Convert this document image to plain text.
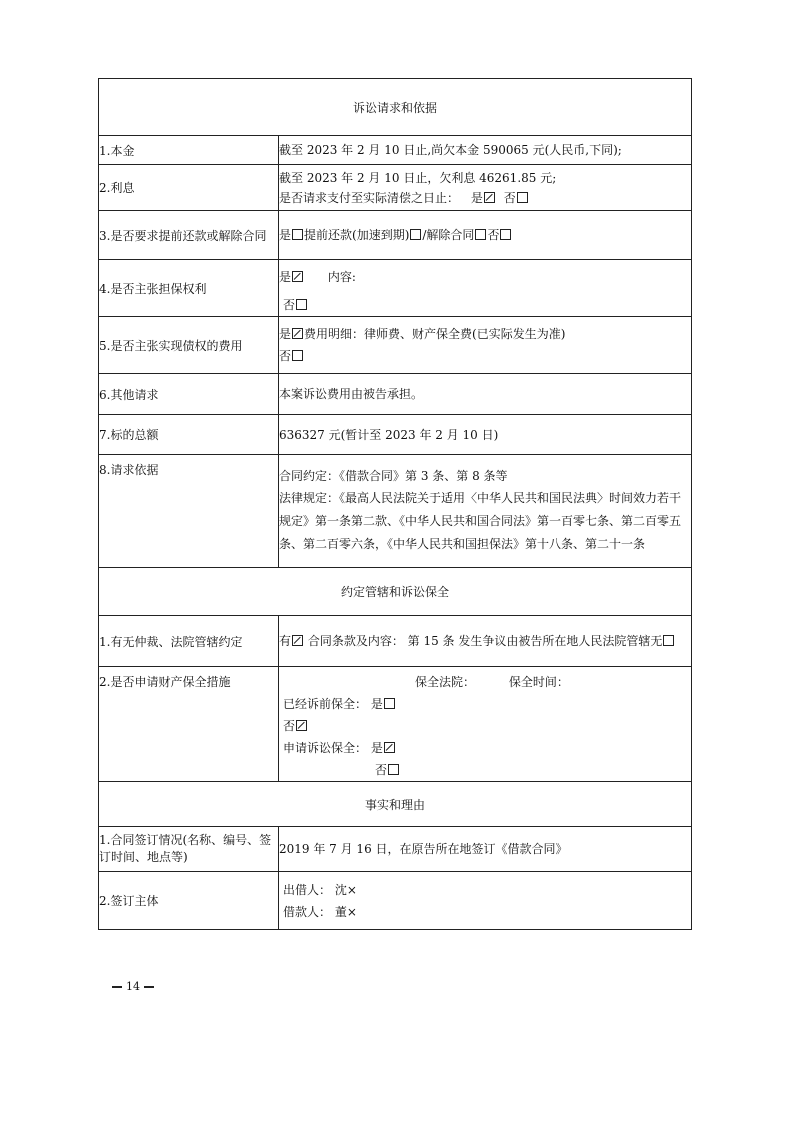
诉讼请求和依据	
1.本金	截至 2023 年 2 月 10 日止,尚欠本金 590065 元(人民币,下同);

2.利息	截至 2023 年 2 月 10 日止，欠利息 46261.85 元;
是否请求支付至实际清偿之日止： 是 否

3.是否要求提前还款或解除合同	是 提前还款(加速到期) /解除合同 否

4.是否主张担保权利	是 内容:
否

5.是否主张实现债权的费用	是 费用明细：律师费、财产保全费(已实际发生为准)
否

6.其他请求	本案诉讼费用由被告承担。

7.标的总额	636327 元(暂计至 2023 年 2 月 10 日)

8.请求依据	合同约定：《借款合同》第 3 条、第 8 条等
法律规定：《最高人民法院关于适用〈中华人民共和国民法典〉时间效力若干规定》第一条第二款、《中华人民共和国合同法》第一百零七条、第二百零五条、第二百零六条，《中华人民共和国担保法》第十八条、第二十一条

约定管辖和诉讼保全	
1.有无仲裁、法院管辖约定	有 合同条款及内容： 第 15 条 发生争议由被告所在地人民法院管辖无

2.是否申请财产保全措施	保全法院： 保全时间：
已经诉前保全： 是
否
申请诉讼保全： 是
否

事实和理由	
1.合同签订情况(名称、编号、签订时间、地点等)	2019 年 7 月 16 日，在原告所在地签订《借款合同》

2.签订主体	出借人： 沈×
借款人： 董×
14
